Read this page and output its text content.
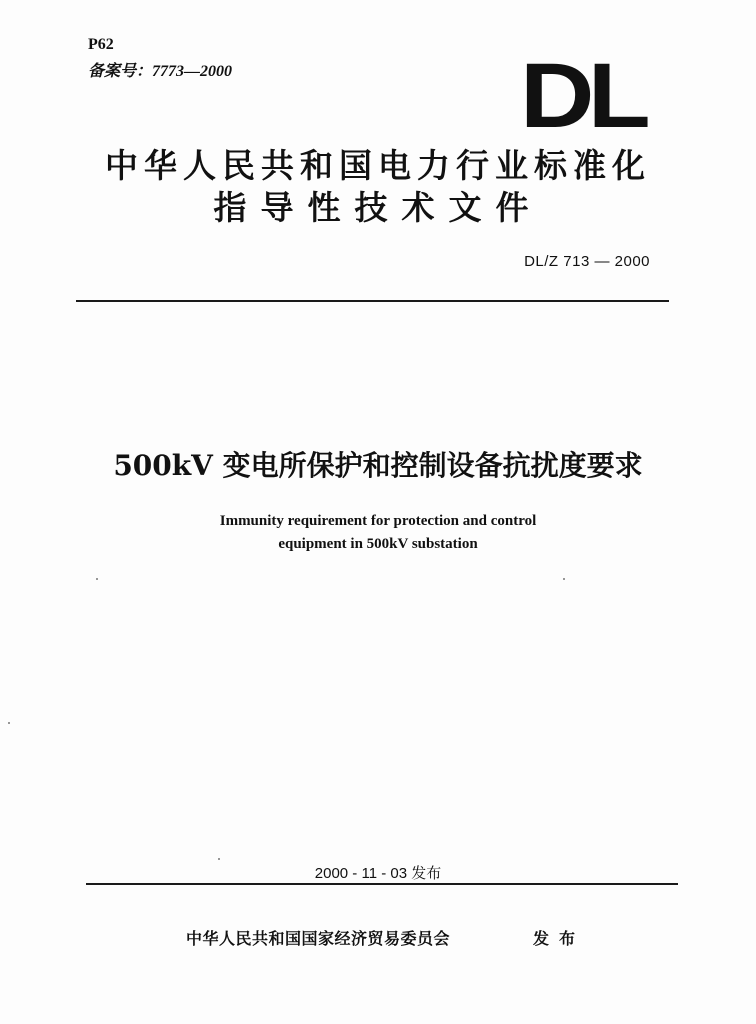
P62
备案号：7773—2000	DL
中华人民共和国电力行业标准化
指导性技术文件
DL/Z 713 — 2000
500kV 变电所保护和控制设备抗扰度要求
Immunity requirement for protection and control
equipment in 500kV substation
2000 - 11 - 03 发布
中华人民共和国国家经济贸易委员会	发布
